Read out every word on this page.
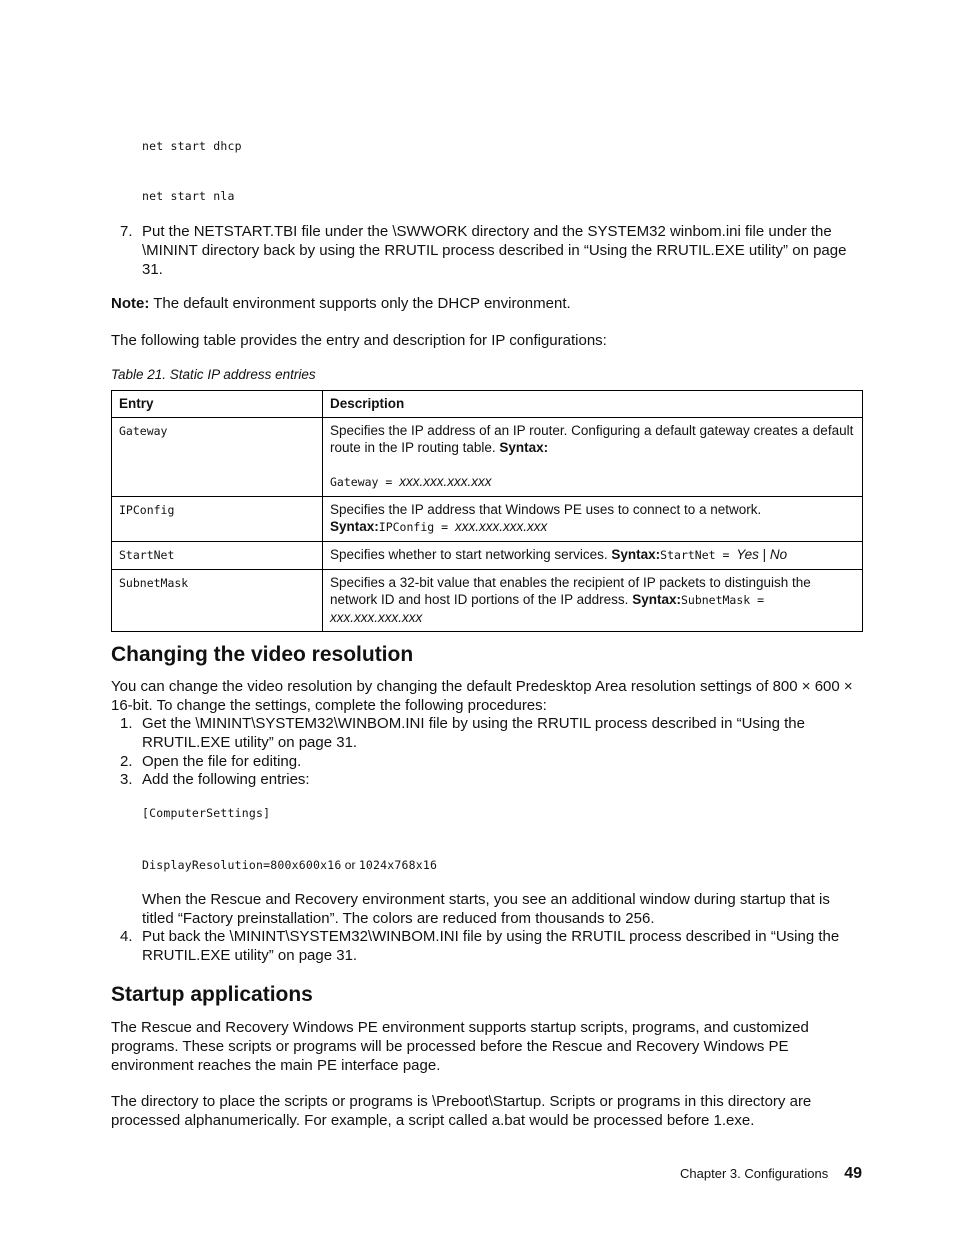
net start dhcp
net start nla
7. Put the NETSTART.TBI file under the \SWWORK directory and the SYSTEM32 winbom.ini file under the \MININT directory back by using the RRUTIL process described in “Using the RRUTIL.EXE utility” on page 31.

Note: The default environment supports only the DHCP environment.

The following table provides the entry and description for IP configurations:

Table 21. Static IP address entries
Entry	Description
Gateway	Specifies the IP address of an IP router. Configuring a default gateway creates a default route in the IP routing table. Syntax:
Gateway = xxx.xxx.xxx.xxx

IPConfig	Specifies the IP address that Windows PE uses to connect to a network.
Syntax:IPConfig = xxx.xxx.xxx.xxx
StartNet	Specifies whether to start networking services. Syntax:StartNet = Yes | No
SubnetMask	Specifies a 32-bit value that enables the recipient of IP packets to distinguish the network ID and host ID portions of the IP address. Syntax:SubnetMask = xxx.xxx.xxx.xxx
Changing the video resolution

You can change the video resolution by changing the default Predesktop Area resolution settings of 800 × 600 × 16-bit. To change the settings, complete the following procedures:

1. Get the \MININT\SYSTEM32\WINBOM.INI file by using the RRUTIL process described in “Using the RRUTIL.EXE utility” on page 31.
2. Open the file for editing.
3. Add the following entries:
[ComputerSettings]
DisplayResolution=800x600x16 or 1024x768x16

When the Rescue and Recovery environment starts, you see an additional window during startup that is titled “Factory preinstallation”. The colors are reduced from thousands to 256.

4. Put back the \MININT\SYSTEM32\WINBOM.INI file by using the RRUTIL process described in “Using the RRUTIL.EXE utility” on page 31.
Startup applications

The Rescue and Recovery Windows PE environment supports startup scripts, programs, and customized programs. These scripts or programs will be processed before the Rescue and Recovery Windows PE environment reaches the main PE interface page.

The directory to place the scripts or programs is \Preboot\Startup. Scripts or programs in this directory are processed alphanumerically. For example, a script called a.bat would be processed before 1.exe.

Chapter 3. Configurations 49
